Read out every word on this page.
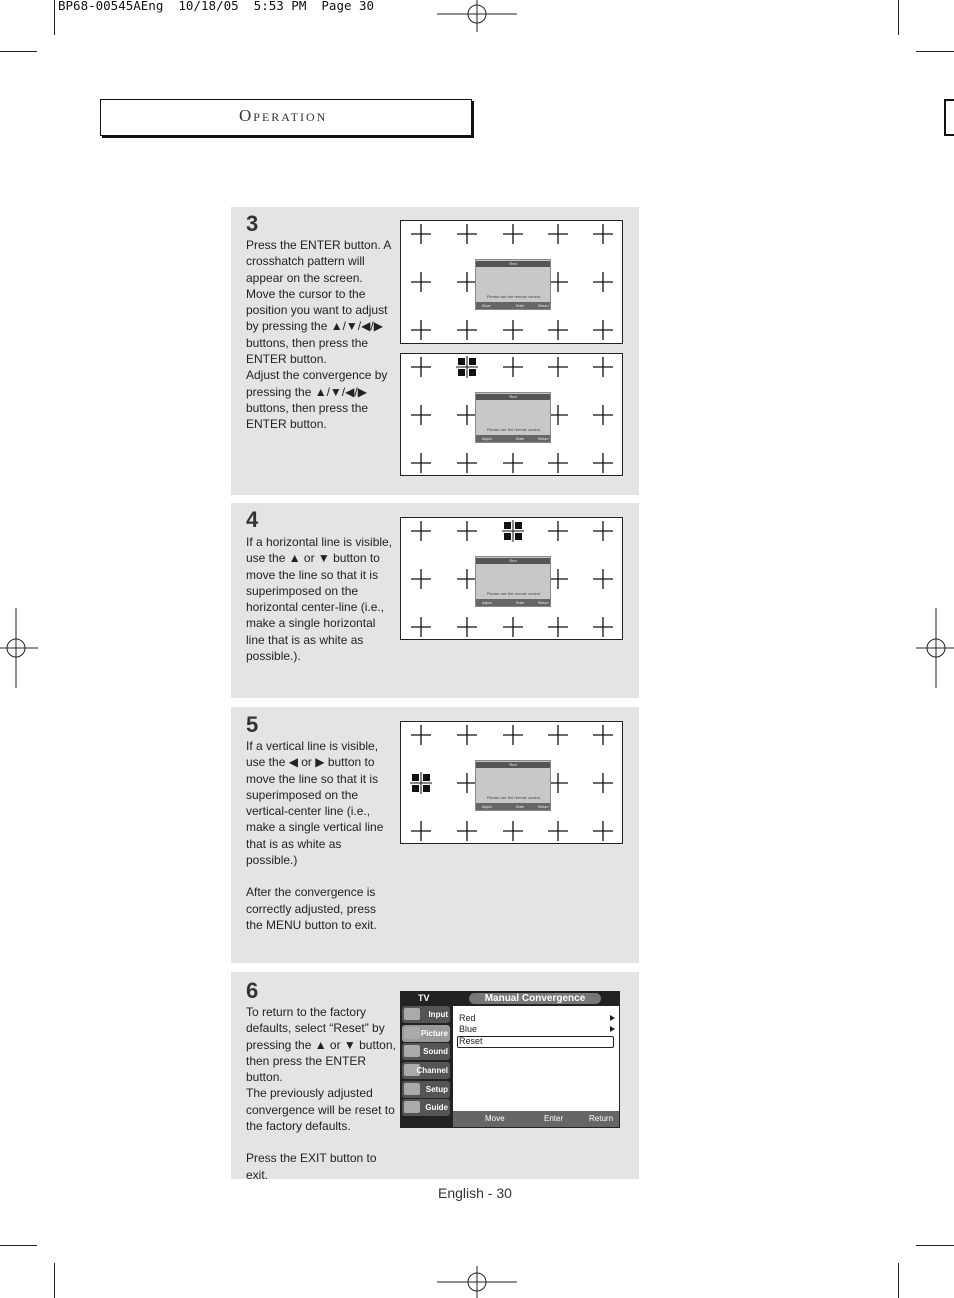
BP68-00545AEng  10/18/05  5:53 PM  Page 30
Operation
3

Press the ENTER button. A crosshatch pattern will appear on the screen.

Move the cursor to the position you want to adjust by pressing the ▲/▼/◀/▶ buttons, then press the ENTER button.

Adjust the convergence by pressing the ▲/▼/◀/▶ buttons, then press the ENTER button.

4

If a horizontal line is visible, use the ▲ or ▼ button to move the line so that it is superimposed on the horizontal center-line (i.e., make a single horizontal line that is as white as possible.).

5

If a vertical line is visible, use the ◀ or ▶ button to move the line so that it is superimposed on the vertical-center line (i.e., make a single vertical line that is as white as possible.)

After the convergence is correctly adjusted, press the MENU button to exit.

6

To return to the factory defaults, select “Reset” by pressing the ▲ or ▼ button, then press the ENTER button.

The previously adjusted convergence will be reset to the factory defaults.

Press the EXIT button to exit.

Red
Please use the remote control.
Move	Enter	Return
Red
Please use the remote control.
Adjust	Enter	Return
Red
Please use the remote control.
Adjust	Enter	Return
Red
Please use the remote control.
Adjust	Enter	Return
TV	Manual Convergence
Input
Picture
Sound
Channel
Setup
Guide
Red
Blue
Reset
Move	Enter	Return
English - 30
